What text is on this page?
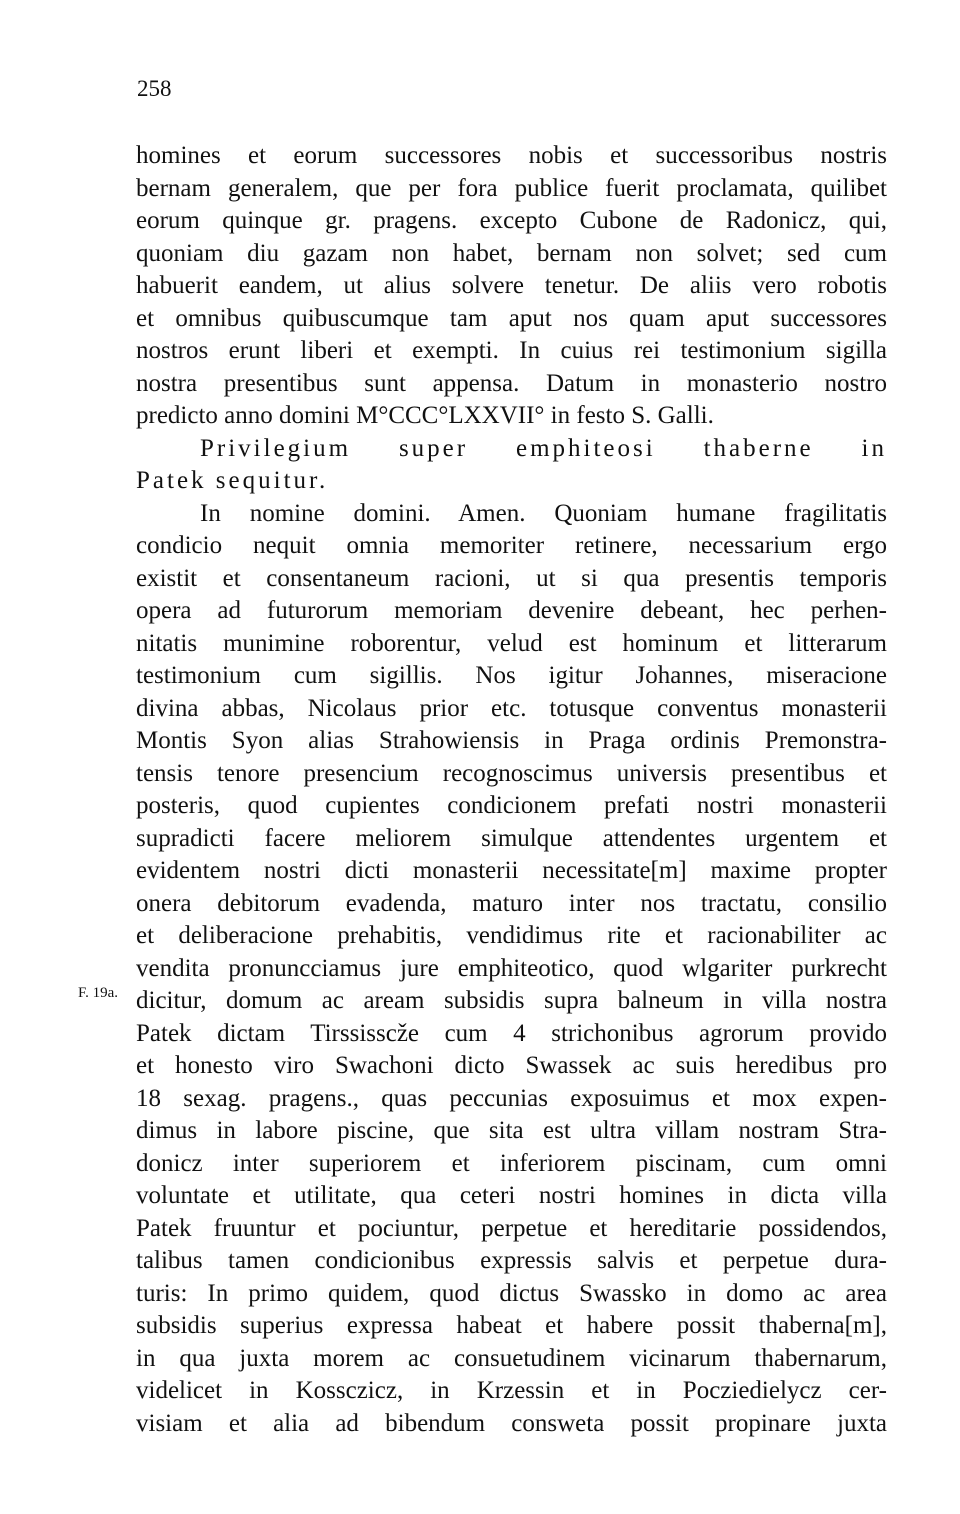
258
F. 19a.
homines et eorum successores nobis et successoribus nostris
bernam generalem, que per fora publice fuerit proclamata, quilibet
eorum quinque gr. pragens. excepto Cubone de Radonicz, qui,
quoniam diu gazam non habet, bernam non solvet; sed cum
habuerit eandem, ut alius solvere tenetur. De aliis vero robotis
et omnibus quibuscumque tam aput nos quam aput successores
nostros erunt liberi et exempti. In cuius rei testimonium sigilla
nostra presentibus sunt appensa. Datum in monasterio nostro
predicto anno domini M°CCC°LXXVII° in festo S. Galli.
Privilegium super emphiteosi thaberne in
Patek sequitur.
In nomine domini. Amen. Quoniam humane fragilitatis
condicio nequit omnia memoriter retinere, necessarium ergo
existit et consentaneum racioni, ut si qua presentis temporis
opera ad futurorum memoriam devenire debeant, hec perhen-
nitatis munimine roborentur, velud est hominum et litterarum
testimonium cum sigillis. Nos igitur Johannes, miseracione
divina abbas, Nicolaus prior etc. totusque conventus monasterii
Montis Syon alias Strahowiensis in Praga ordinis Premonstra-
tensis tenore presencium recognoscimus universis presentibus et
posteris, quod cupientes condicionem prefati nostri monasterii
supradicti facere meliorem simulque attendentes urgentem et
evidentem nostri dicti monasterii necessitate[m] maxime propter
onera debitorum evadenda, maturo inter nos tractatu, consilio
et deliberacione prehabitis, vendidimus rite et racionabiliter ac
vendita pronuncciamus jure emphiteotico, quod wlgariter purkrecht
dicitur, domum ac aream subsidis supra balneum in villa nostra
Patek dictam Tirssisscže cum 4 strichonibus agrorum provido
et honesto viro Swachoni dicto Swassek ac suis heredibus pro
18 sexag. pragens., quas peccunias exposuimus et mox expen-
dimus in labore piscine, que sita est ultra villam nostram Stra-
donicz inter superiorem et inferiorem piscinam, cum omni
voluntate et utilitate, qua ceteri nostri homines in dicta villa
Patek fruuntur et pociuntur, perpetue et hereditarie possidendos,
talibus tamen condicionibus expressis salvis et perpetue dura-
turis: In primo quidem, quod dictus Swassko in domo ac area
subsidis superius expressa habeat et habere possit thaberna[m],
in qua juxta morem ac consuetudinem vicinarum thabernarum,
videlicet in Kossczicz, in Krzessin et in Pocziedielycz cer-
visiam et alia ad bibendum consweta possit propinare juxta
